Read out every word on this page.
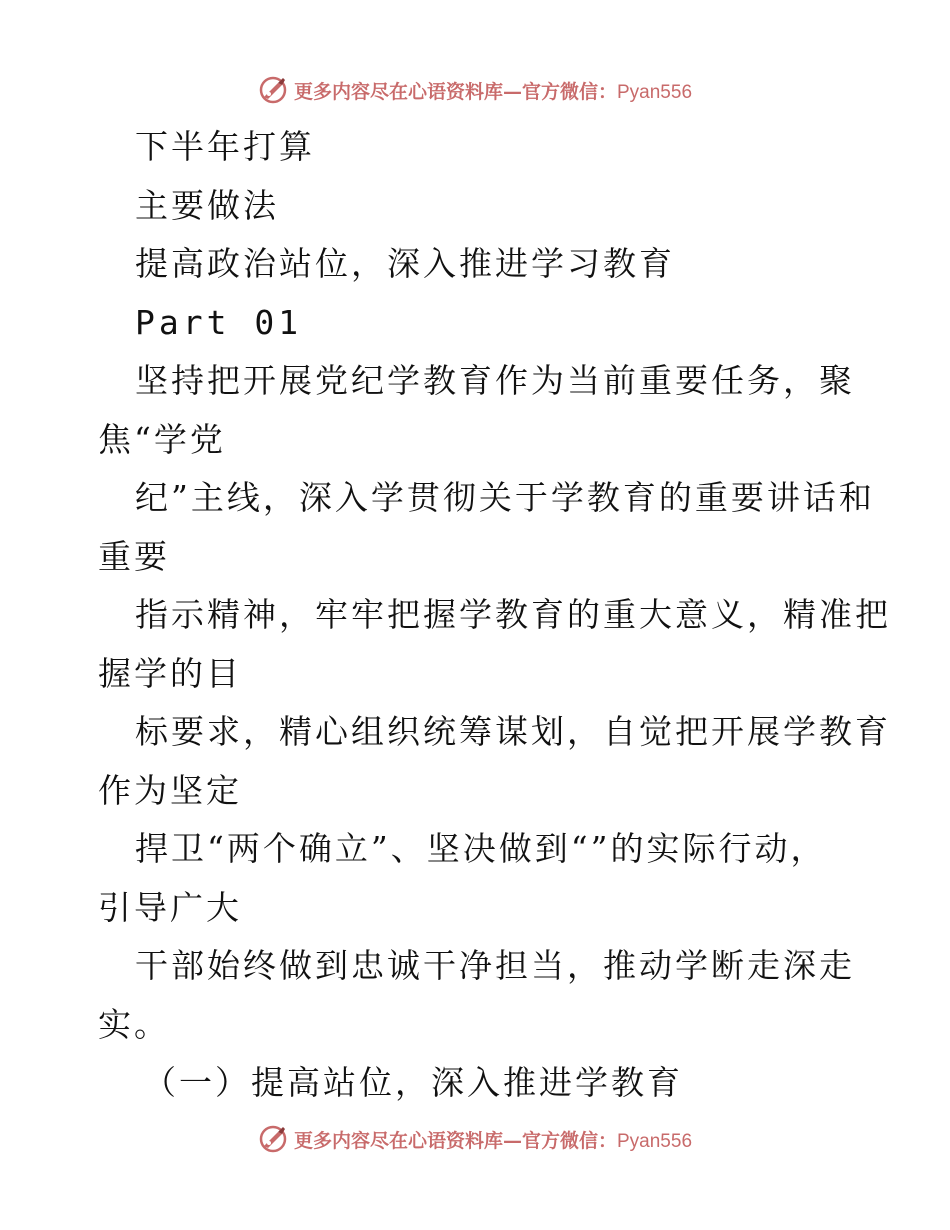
更多内容尽在心语资料库—官方微信：Pyan556
下半年打算
主要做法
提高政治站位，深入推进学习教育
Part 01
坚持把开展党纪学教育作为当前重要任务，聚
焦“学党
纪”主线，深入学贯彻关于学教育的重要讲话和
重要
指示精神，牢牢把握学教育的重大意义，精准把
握学的目
标要求，精心组织统筹谋划，自觉把开展学教育
作为坚定
捍卫“两个确立”、坚决做到“”的实际行动，
引导广大
干部始终做到忠诚干净担当，推动学断走深走
实。
（一）提高站位，深入推进学教育
更多内容尽在心语资料库—官方微信：Pyan556
